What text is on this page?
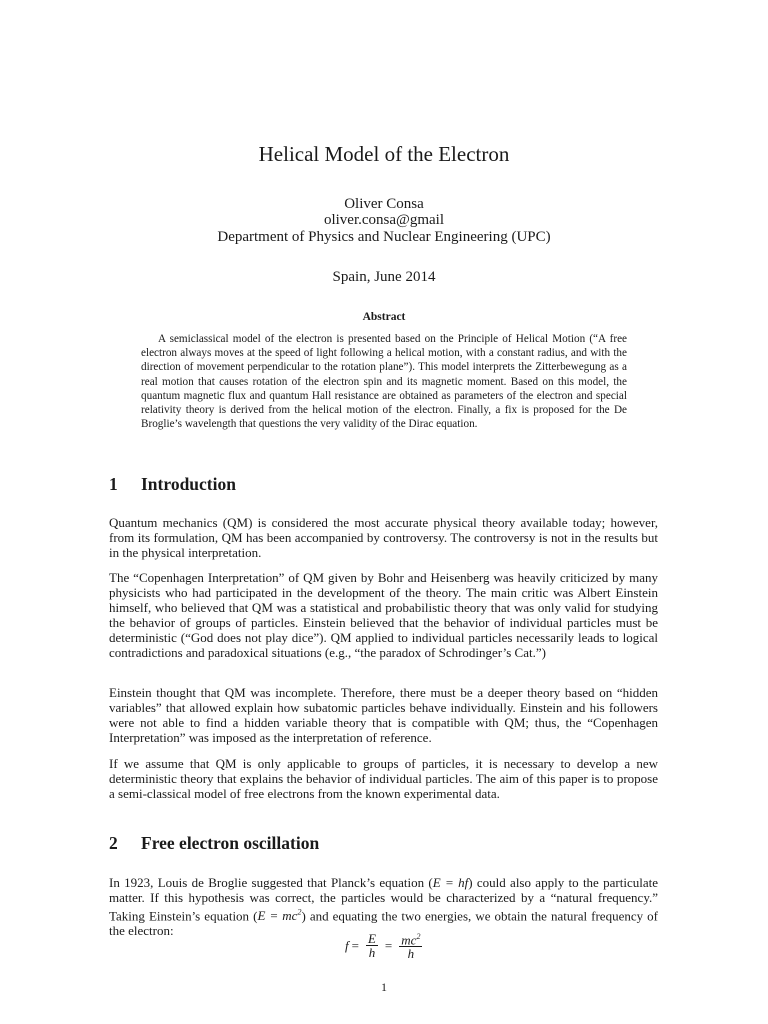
Helical Model of the Electron
Oliver Consa
oliver.consa@gmail
Department of Physics and Nuclear Engineering (UPC)
Spain, June 2014
Abstract

A semiclassical model of the electron is presented based on the Principle of Helical Motion (“A free electron always moves at the speed of light following a helical motion, with a constant radius, and with the direction of movement perpendicular to the rotation plane”). This model interprets the Zitterbewegung as a real motion that causes rotation of the electron spin and its magnetic moment. Based on this model, the quantum magnetic flux and quantum Hall resistance are obtained as parameters of the electron and special relativity theory is derived from the helical motion of the electron. Finally, a fix is proposed for the De Broglie’s wavelength that questions the very validity of the Dirac equation.

1 Introduction

Quantum mechanics (QM) is considered the most accurate physical theory available today; however, from its formulation, QM has been accompanied by controversy. The controversy is not in the results but in the physical interpretation.

The “Copenhagen Interpretation” of QM given by Bohr and Heisenberg was heavily criticized by many physicists who had participated in the development of the theory. The main critic was Albert Einstein himself, who believed that QM was a statistical and probabilistic theory that was only valid for studying the behavior of groups of particles. Einstein believed that the behavior of individual particles must be deterministic (“God does not play dice”). QM applied to individual particles necessarily leads to logical contradictions and paradoxical situations (e.g., “the paradox of Schrodinger’s Cat.”)

Einstein thought that QM was incomplete. Therefore, there must be a deeper theory based on “hidden variables” that allowed explain how subatomic particles behave individually. Einstein and his followers were not able to find a hidden variable theory that is compatible with QM; thus, the “Copenhagen Interpretation” was imposed as the interpretation of reference.

If we assume that QM is only applicable to groups of particles, it is necessary to develop a new deterministic theory that explains the behavior of individual particles. The aim of this paper is to propose a semi-classical model of free electrons from the known experimental data.

2 Free electron oscillation

In 1923, Louis de Broglie suggested that Planck’s equation (E = hf) could also apply to the particulate matter. If this hypothesis was correct, the particles would be characterized by a “natural frequency.” Taking Einstein’s equation $(E = mc^2)$ and equating the two energies, we obtain the natural frequency of the electron:

$f = \frac{E}{h} = \frac{mc^2}{h}$
1
